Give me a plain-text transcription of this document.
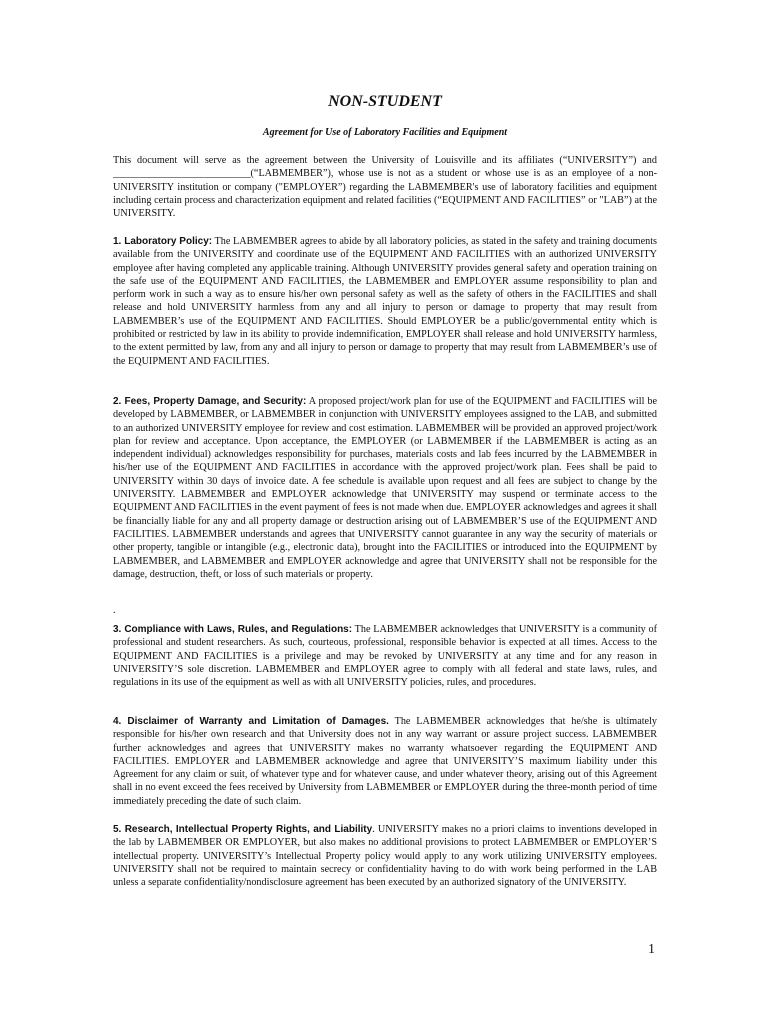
NON-STUDENT
Agreement for Use of Laboratory Facilities and Equipment
This document will serve as the agreement between the University of Louisville and its affiliates (“UNIVERSITY”) and ___________________________(“LABMEMBER”), whose use is not as a student or whose use is as an employee of a non-UNIVERSITY institution or company ("EMPLOYER”) regarding the LABMEMBER's use of laboratory facilities and equipment including certain process and characterization equipment and related facilities (“EQUIPMENT AND FACILITIES” or "LAB”) at the UNIVERSITY.
1. Laboratory Policy: The LABMEMBER agrees to abide by all laboratory policies, as stated in the safety and training documents available from the UNIVERSITY and coordinate use of the EQUIPMENT AND FACILITIES with an authorized UNIVERSITY employee after having completed any applicable training. Although UNIVERSITY provides general safety and operation training on the safe use of the EQUIPMENT AND FACILITIES, the LABMEMBER and EMPLOYER assume responsibility to plan and perform work in such a way as to ensure his/her own personal safety as well as the safety of others in the FACILITIES and shall release and hold UNIVERSITY harmless from any and all injury to person or damage to property that may result from LABMEMBER’s use of the EQUIPMENT AND FACILITIES. Should EMPLOYER be a public/governmental entity which is prohibited or restricted by law in its ability to provide indemnification, EMPLOYER shall release and hold UNIVERSITY harmless, to the extent permitted by law, from any and all injury to person or damage to property that may result from LABMEMBER’s use of the EQUIPMENT AND FACILITIES.
2. Fees, Property Damage, and Security: A proposed project/work plan for use of the EQUIPMENT and FACILITIES will be developed by LABMEMBER, or LABMEMBER in conjunction with UNIVERSITY employees assigned to the LAB, and submitted to an authorized UNIVERSITY employee for review and cost estimation. LABMEMBER will be provided an approved project/work plan for review and acceptance. Upon acceptance, the EMPLOYER (or LABMEMBER if the LABMEMBER is acting as an independent individual) acknowledges responsibility for purchases, materials costs and lab fees incurred by the LABMEMBER in his/her use of the EQUIPMENT AND FACILITIES in accordance with the approved project/work plan. Fees shall be paid to UNIVERSITY within 30 days of invoice date. A fee schedule is available upon request and all fees are subject to change by the UNIVERSITY. LABMEMBER and EMPLOYER acknowledge that UNIVERSITY may suspend or terminate access to the EQUIPMENT AND FACILITIES in the event payment of fees is not made when due. EMPLOYER acknowledges and agrees it shall be financially liable for any and all property damage or destruction arising out of LABMEMBER’S use of the EQUIPMENT AND FACILITIES. LABMEMBER understands and agrees that UNIVERSITY cannot guarantee in any way the security of materials or other property, tangible or intangible (e.g., electronic data), brought into the FACILITIES or introduced into the EQUIPMENT by LABMEMBER, and LABMEMBER and EMPLOYER acknowledge and agree that UNIVERSITY shall not be responsible for the damage, destruction, theft, or loss of such materials or property.
.
3. Compliance with Laws, Rules, and Regulations: The LABMEMBER acknowledges that UNIVERSITY is a community of professional and student researchers. As such, courteous, professional, responsible behavior is expected at all times. Access to the EQUIPMENT AND FACILITIES is a privilege and may be revoked by UNIVERSITY at any time and for any reason in UNIVERSITY’S sole discretion. LABMEMBER and EMPLOYER agree to comply with all federal and state laws, rules, and regulations in its use of the equipment as well as with all UNIVERSITY policies, rules, and procedures.
4. Disclaimer of Warranty and Limitation of Damages. The LABMEMBER acknowledges that he/she is ultimately responsible for his/her own research and that University does not in any way warrant or assure project success. LABMEMBER further acknowledges and agrees that UNIVERSITY makes no warranty whatsoever regarding the EQUIPMENT AND FACILITIES. EMPLOYER and LABMEMBER acknowledge and agree that UNIVERSITY’S maximum liability under this Agreement for any claim or suit, of whatever type and for whatever cause, and under whatever theory, arising out of this Agreement shall in no event exceed the fees received by University from LABMEMBER or EMPLOYER during the three-month period of time immediately preceding the date of such claim.
5. Research, Intellectual Property Rights, and Liability. UNIVERSITY makes no a priori claims to inventions developed in the lab by LABMEMBER OR EMPLOYER, but also makes no additional provisions to protect LABMEMBER or EMPLOYER’S intellectual property. UNIVERSITY’s Intellectual Property policy would apply to any work utilizing UNIVERSITY employees. UNIVERSITY shall not be required to maintain secrecy or confidentiality having to do with work being performed in the LAB unless a separate confidentiality/nondisclosure agreement has been executed by an authorized signatory of the UNIVERSITY.
1
